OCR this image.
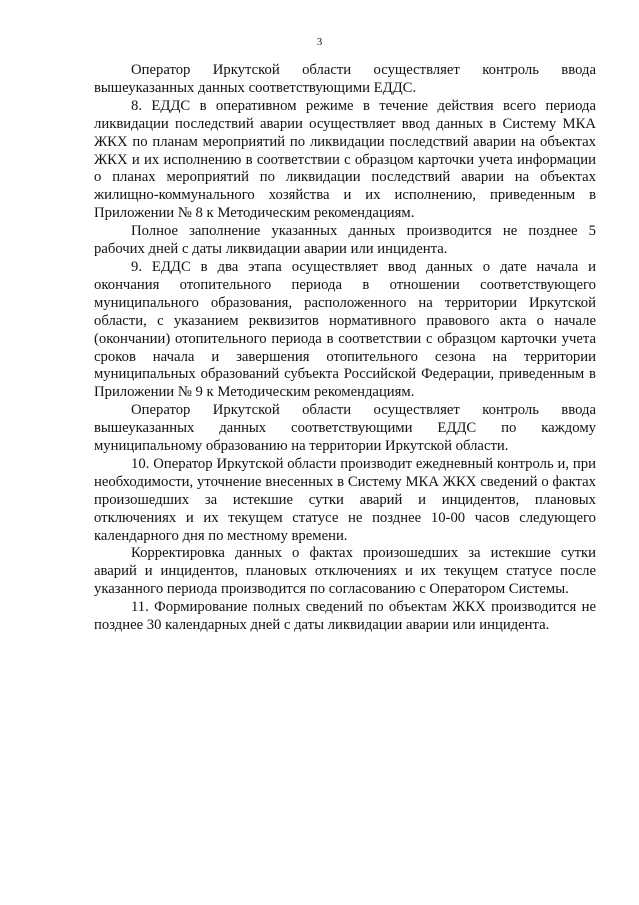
3

Оператор Иркутской области осуществляет контроль ввода вышеуказанных данных соответствующими ЕДДС.

8. ЕДДС в оперативном режиме в течение действия всего периода ликвидации последствий аварии осуществляет ввод данных в Систему МКА ЖКХ по планам мероприятий по ликвидации последствий аварии на объектах ЖКХ и их исполнению в соответствии с образцом карточки учета информации о планах мероприятий по ликвидации последствий аварии на объектах жилищно-коммунального хозяйства и их исполнению, приведенным в Приложении № 8 к Методическим рекомендациям.

Полное заполнение указанных данных производится не позднее 5 рабочих дней с даты ликвидации аварии или инцидента.

9. ЕДДС в два этапа осуществляет ввод данных о дате начала и окончания отопительного периода в отношении соответствующего муниципального образования, расположенного на территории Иркутской области, с указанием реквизитов нормативного правового акта о начале (окончании) отопительного периода в соответствии с образцом карточки учета сроков начала и завершения отопительного сезона на территории муниципальных образований субъекта Российской Федерации, приведенным в Приложении № 9 к Методическим рекомендациям.

Оператор Иркутской области осуществляет контроль ввода вышеуказанных данных соответствующими ЕДДС по каждому муниципальному образованию на территории Иркутской области.

10. Оператор Иркутской области производит ежедневный контроль и, при необходимости, уточнение внесенных в Систему МКА ЖКХ сведений о фактах произошедших за истекшие сутки аварий и инцидентов, плановых отключениях и их текущем статусе не позднее 10-00 часов следующего календарного дня по местному времени.

Корректировка данных о фактах произошедших за истекшие сутки аварий и инцидентов, плановых отключениях и их текущем статусе после указанного периода производится по согласованию с Оператором Системы.

11. Формирование полных сведений по объектам ЖКХ производится не позднее 30 календарных дней с даты ликвидации аварии или инцидента.
